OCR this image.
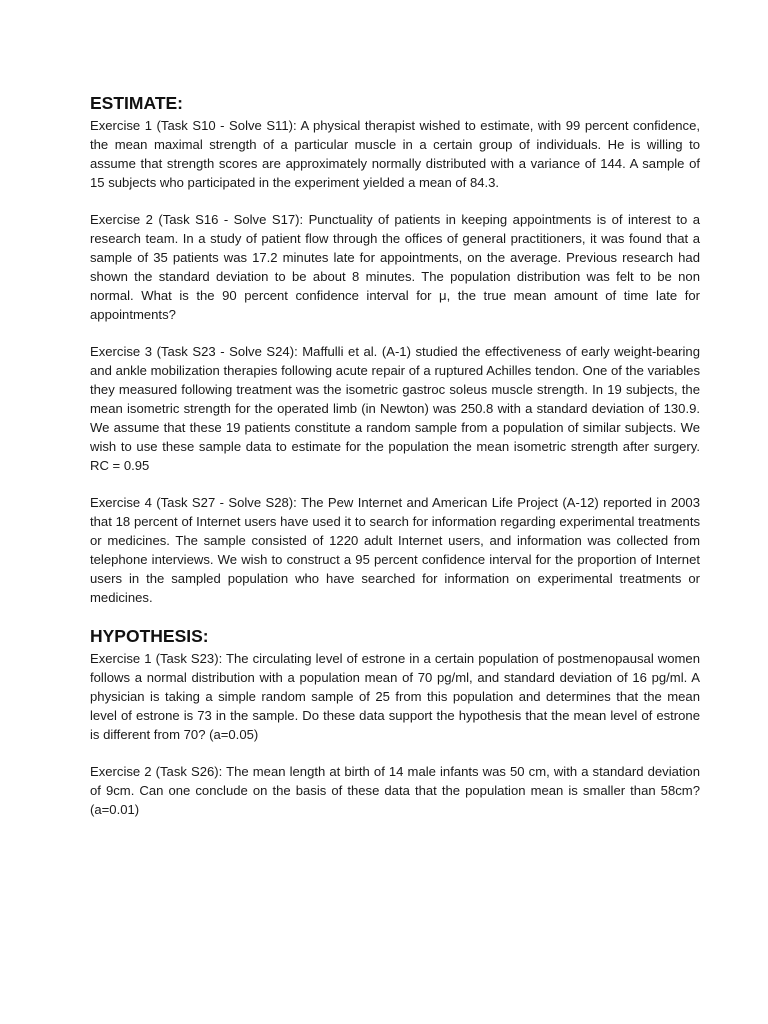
ESTIMATE:

Exercise 1 (Task S10 - Solve S11): A physical therapist wished to estimate, with 99 percent confidence, the mean maximal strength of a particular muscle in a certain group of individuals. He is willing to assume that strength scores are approximately normally distributed with a variance of 144. A sample of 15 subjects who participated in the experiment yielded a mean of 84.3.

Exercise 2 (Task S16 - Solve S17): Punctuality of patients in keeping appointments is of interest to a research team. In a study of patient flow through the offices of general practitioners, it was found that a sample of 35 patients was 17.2 minutes late for appointments, on the average. Previous research had shown the standard deviation to be about 8 minutes. The population distribution was felt to be non normal. What is the 90 percent confidence interval for μ, the true mean amount of time late for appointments?

Exercise 3 (Task S23 - Solve S24): Maffulli et al. (A-1) studied the effectiveness of early weight-bearing and ankle mobilization therapies following acute repair of a ruptured Achilles tendon. One of the variables they measured following treatment was the isometric gastroc soleus muscle strength. In 19 subjects, the mean isometric strength for the operated limb (in Newton) was 250.8 with a standard deviation of 130.9. We assume that these 19 patients constitute a random sample from a population of similar subjects. We wish to use these sample data to estimate for the population the mean isometric strength after surgery. RC = 0.95

Exercise 4 (Task S27 - Solve S28): The Pew Internet and American Life Project (A-12) reported in 2003 that 18 percent of Internet users have used it to search for information regarding experimental treatments or medicines. The sample consisted of 1220 adult Internet users, and information was collected from telephone interviews. We wish to construct a 95 percent confidence interval for the proportion of Internet users in the sampled population who have searched for information on experimental treatments or medicines.

HYPOTHESIS:

Exercise 1 (Task S23): The circulating level of estrone in a certain population of postmenopausal women follows a normal distribution with a population mean of 70 pg/ml, and standard deviation of 16 pg/ml. A physician is taking a simple random sample of 25 from this population and determines that the mean level of estrone is 73 in the sample. Do these data support the hypothesis that the mean level of estrone is different from 70? (a=0.05)

Exercise 2 (Task S26): The mean length at birth of 14 male infants was 50 cm, with a standard deviation of 9cm. Can one conclude on the basis of these data that the population mean is smaller than 58cm? (a=0.01)
